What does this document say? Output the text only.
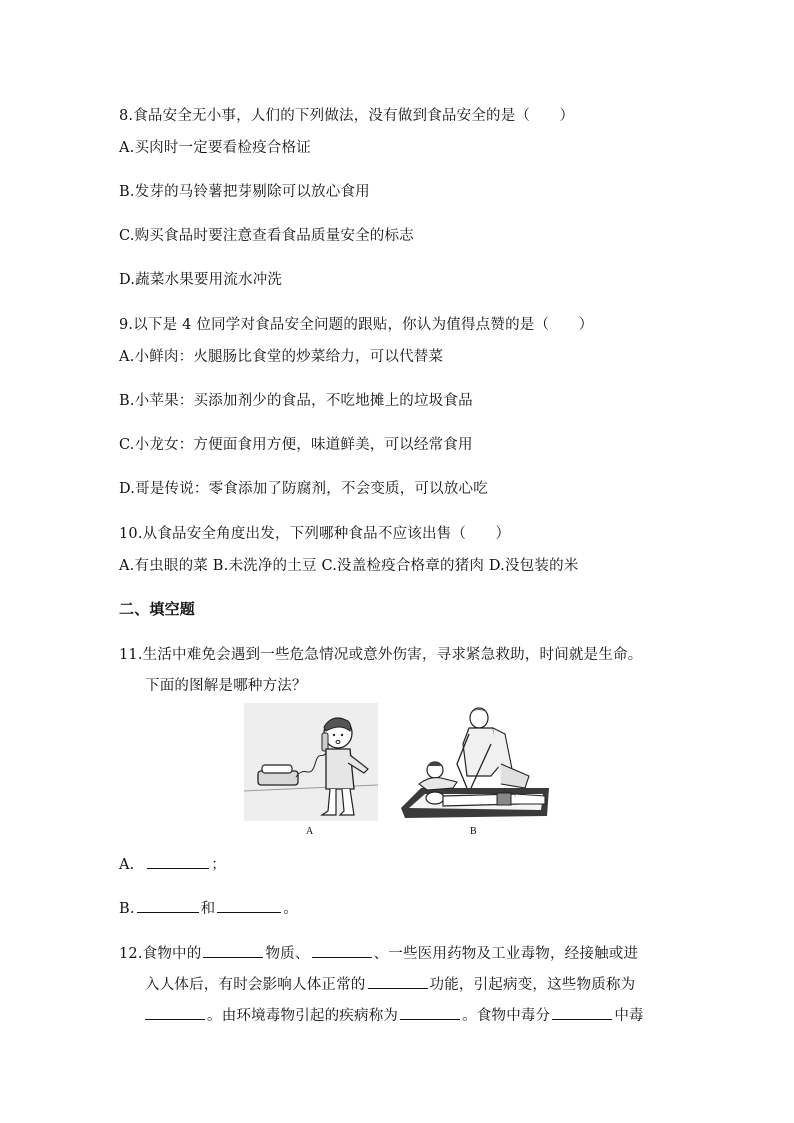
8.食品安全无小事，人们的下列做法，没有做到食品安全的是（　　）
A.买肉时一定要看检疫合格证
B.发芽的马铃薯把芽剔除可以放心食用
C.购买食品时要注意查看食品质量安全的标志
D.蔬菜水果要用流水冲洗
9.以下是 4 位同学对食品安全问题的跟贴，你认为值得点赞的是（　　）
A.小鲜肉：火腿肠比食堂的炒菜给力，可以代替菜
B.小苹果：买添加剂少的食品，不吃地摊上的垃圾食品
C.小龙女：方便面食用方便，味道鲜美，可以经常食用
D.哥是传说：零食添加了防腐剂，不会变质，可以放心吃
10.从食品安全角度出发，下列哪种食品不应该出售（　　）
A.有虫眼的菜 B.未洗净的土豆 C.没盖检疫合格章的猪肉 D.没包装的米
二、填空题
11.生活中难免会遇到一些危急情况或意外伤害，寻求紧急救助，时间就是生命。
下面的图解是哪种方法？
A	B
A.	；
B.	和	。
12.食物中的	物质、	、一些医用药物及工业毒物，经接触或进
入人体后，有时会影响人体正常的	功能，引起病变，这些物质称为
。由环境毒物引起的疾病称为	。食物中毒分	中毒
